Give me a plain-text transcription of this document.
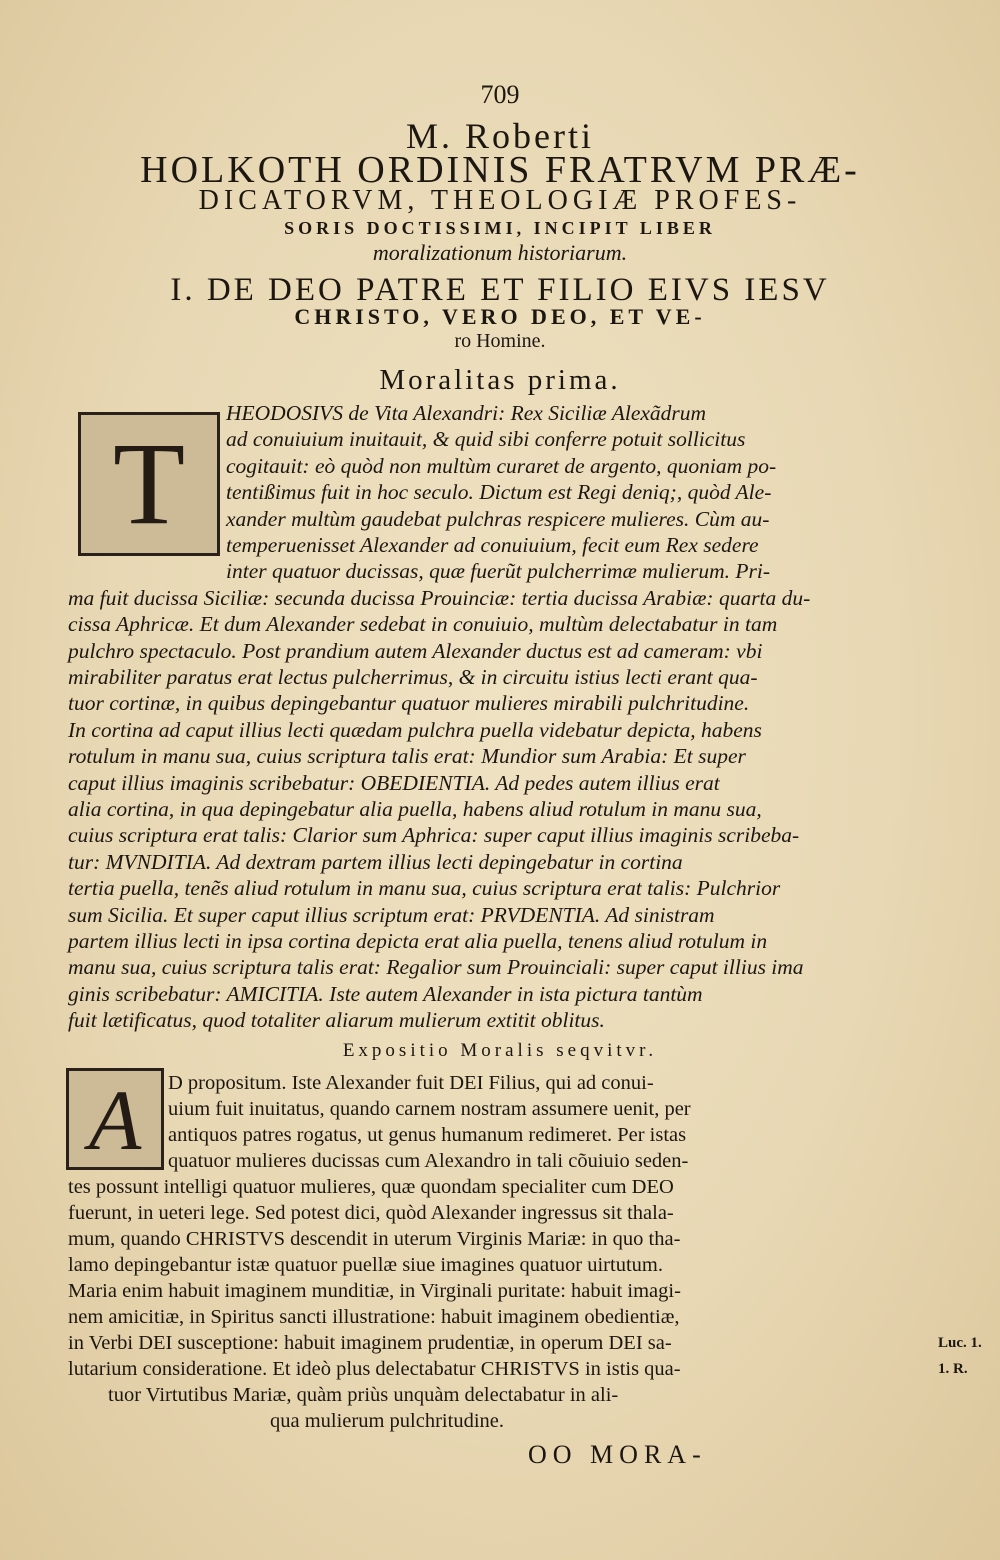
709
M. Roberti
HOLKOTH ORDINIS FRATRVM PRÆ-
DICATORVM, THEOLOGIÆ PROFES-
SORIS DOCTISSIMI, INCIPIT LIBER
moralizationum historiarum.
I. DE DEO PATRE ET FILIO EIVS IESV
CHRISTO, VERO DEO, ET VE-
ro Homine.
Moralitas prima.
T
HEODOSIVS de Vita Alexandri: Rex Siciliæ Alexãdrum
ad conuiuium inuitauit, & quid sibi conferre potuit sollicitus
cogitauit: eò quòd non multùm curaret de argento, quoniam po-
tentißimus fuit in hoc seculo. Dictum est Regi deniq;, quòd Ale-
xander multùm gaudebat pulchras respicere mulieres. Cùm au-
temperuenisset Alexander ad conuiuium, fecit eum Rex sedere
inter quatuor ducissas, quæ fuerũt pulcherrimæ mulierum. Pri-
ma fuit ducissa Siciliæ: secunda ducissa Prouinciæ: tertia ducissa Arabiæ: quarta du-
cissa Aphricæ. Et dum Alexander sedebat in conuiuio, multùm delectabatur in tam
pulchro spectaculo. Post prandium autem Alexander ductus est ad cameram: vbi
mirabiliter paratus erat lectus pulcherrimus, & in circuitu istius lecti erant qua-
tuor cortinæ, in quibus depingebantur quatuor mulieres mirabili pulchritudine.
In cortina ad caput illius lecti quædam pulchra puella videbatur depicta, habens
rotulum in manu sua, cuius scriptura talis erat: Mundior sum Arabia: Et super
caput illius imaginis scribebatur: OBEDIENTIA. Ad pedes autem illius erat
alia cortina, in qua depingebatur alia puella, habens aliud rotulum in manu sua,
cuius scriptura erat talis: Clarior sum Aphrica: super caput illius imaginis scribeba-
tur: MVNDITIA. Ad dextram partem illius lecti depingebatur in cortina
tertia puella, tenẽs aliud rotulum in manu sua, cuius scriptura erat talis: Pulchrior
sum Sicilia. Et super caput illius scriptum erat: PRVDENTIA. Ad sinistram
partem illius lecti in ipsa cortina depicta erat alia puella, tenens aliud rotulum in
manu sua, cuius scriptura talis erat: Regalior sum Prouinciali: super caput illius ima
ginis scribebatur: AMICITIA. Iste autem Alexander in ista pictura tantùm
fuit lætificatus, quod totaliter aliarum mulierum extitit oblitus.
Expositio Moralis seqvitvr.
A	D propositum. Iste Alexander fuit DEI Filius, qui ad conui-
uium fuit inuitatus, quando carnem nostram assumere uenit, per
antiquos patres rogatus, ut genus humanum redimeret. Per istas
quatuor mulieres ducissas cum Alexandro in tali cõuiuio seden-
tes possunt intelligi quatuor mulieres, quæ quondam specialiter cum DEO
fuerunt, in ueteri lege. Sed potest dici, quòd Alexander ingressus sit thala-
mum, quando CHRISTVS descendit in uterum Virginis Mariæ: in quo tha-
lamo depingebantur istæ quatuor puellæ siue imagines quatuor uirtutum.
Maria enim habuit imaginem munditiæ, in Virginali puritate: habuit imagi-
nem amicitiæ, in Spiritus sancti illustratione: habuit imaginem obedientiæ,
in Verbi DEI susceptione: habuit imaginem prudentiæ, in operum DEI sa-
lutarium consideratione. Et ideò plus delectabatur CHRISTVS in istis qua-
tuor Virtutibus Mariæ, quàm priùs unquàm delectabatur in ali-
qua mulierum pulchritudine.
Luc. 1.
1. R.
OO MORA-
